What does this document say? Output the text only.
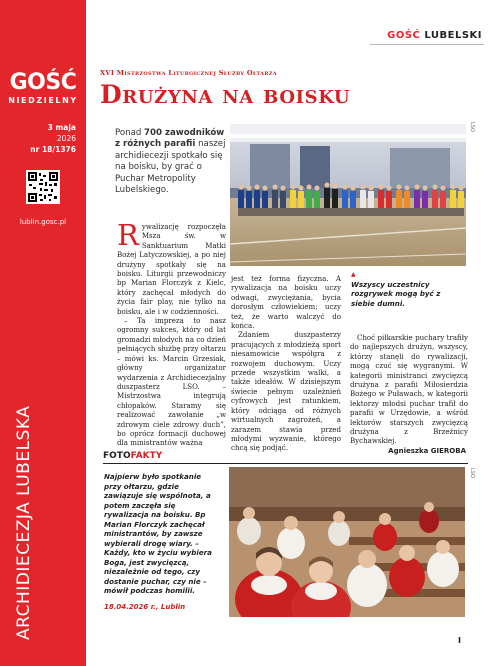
GOŚĆ
NIEDZIELNY
3 maja
2026
nr 18/1376
lublin.gosc.pl
ARCHIDIECEZJA LUBELSKA
GOŚĆ LUBELSKI
XVI Mistrzostwa Liturgicznej Służby Ołtarza
Drużyna na boisku
Ponad 700 zawodników z różnych parafii naszej archidiecezji spotkało się na boisku, by grać o Puchar Metropolity Lubelskiego.
LSO

Rywalizację rozpoczęła Msza św. w Sanktuarium Matki Bożej Latyczowskiej, a po niej drużyny spotkały się na boisku. Liturgii przewodniczy bp Marian Florczyk z Kielc, który zachęcał młodych do życia fair play, nie tylko na boisku, ale i w codzienności.

– Ta impreza to nasz ogromny sukces, który od lat gromadzi młodych na co dzień pełniących służbę przy ołtarzu – mówi ks. Marcin Grzesiak, główny organizator wydarzenia z Archidiecezjalny duszpasterz LSO. – Mistrzostwa integrują chłopaków. Staramy się realizować zawołanie „w zdrowym ciele zdrowy duch”, bo oprócz formacji duchowej dla ministrantów ważna

jest też forma fizyczna. A rywalizacja na boisku uczy odwagi, zwyciężania, bycia dorosłym człowiekiem; uczy też, że warto walczyć do końca.

Zdaniem duszpasterzy pracujących z młodzieżą sport niesamowicie współgra z rozwojem duchowym. Uczy przede wszystkim walki, a także ideałów. W dzisiejszym świecie pełnym uzależnień cyfrowych jest ratunkiem, który odciąga od różnych wirtualnych zagrożeń, a zarazem stawia przed młodymi wyzwanie, którego chcą się podjąć.

▲
Wszyscy uczestnicy rozgrywek mogą być z siebie dumni.

Choć piłkarskie puchary trafiły do najlepszych drużyn, wszyscy, którzy stanęli do rywalizacji, mogą czuć się wygranymi. W kategorii ministranci zwycięzcą drużyna z parafii Miłosierdzia Bożego w Puławach, w kategorii lektorzy młodsi puchar trafił do parafii w Urzędowie, a wśród lektorów starszych zwycięzcą drużyna z Brzeźnicy Bychawskiej.

Agnieszka GIEROBA
FOTOFAKTY
Najpierw było spotkanie przy ołtarzu, gdzie zawiązuje się wspólnota, a potem zaczęła się rywalizacja na boisku. Bp Marian Florczyk zachęcał ministrantów, by zawsze wybierali drogę wiary. – Każdy, kto w życiu wybiera Boga, jest zwycięzcą, niezależnie od tego, czy dostanie puchar, czy nie – mówił podczas homilii.
18.04.2026 r., Lublin
LSO
I
